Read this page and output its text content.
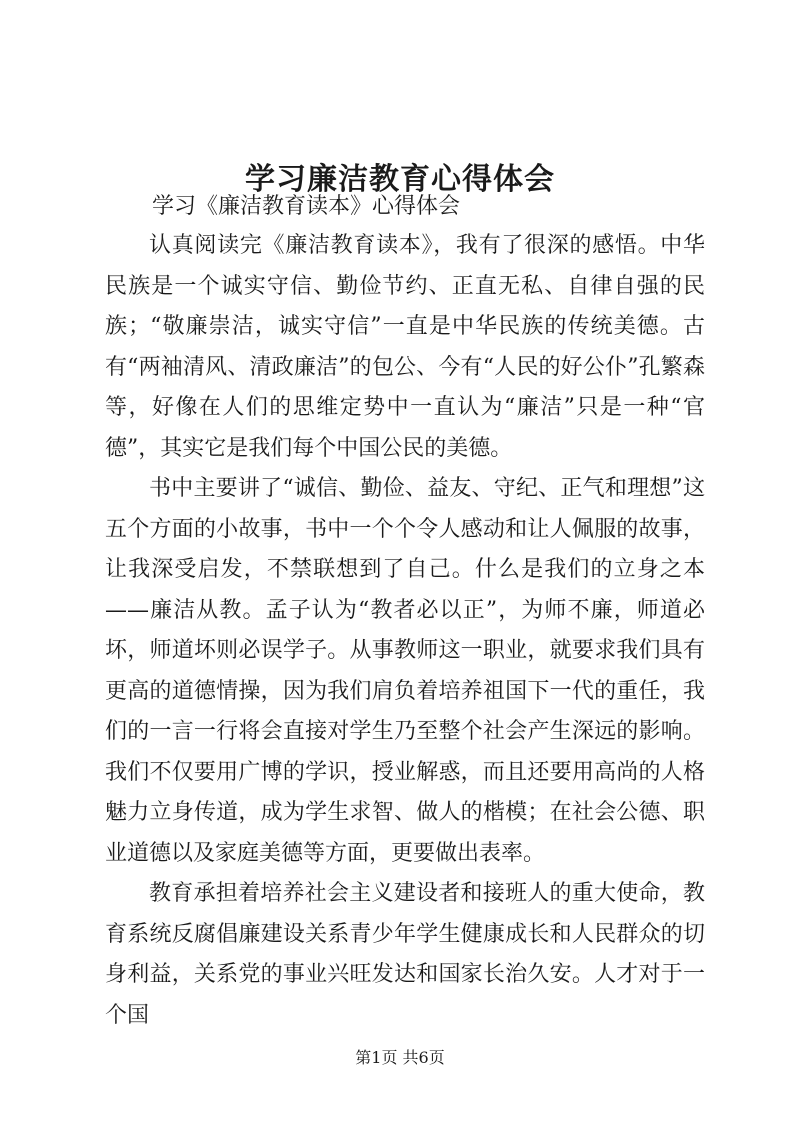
学习廉洁教育心得体会
学习《廉洁教育读本》心得体会

认真阅读完《廉洁教育读本》，我有了很深的感悟。中华民族是一个诚实守信、勤俭节约、正直无私、自律自强的民族；“敬廉崇洁，诚实守信”一直是中华民族的传统美德。古有“两袖清风、清政廉洁”的包公、今有“人民的好公仆”孔繁森等，好像在人们的思维定势中一直认为“廉洁”只是一种“官德”，其实它是我们每个中国公民的美德。

书中主要讲了“诚信、勤俭、益友、守纪、正气和理想”这五个方面的小故事，书中一个个令人感动和让人佩服的故事，让我深受启发，不禁联想到了自己。什么是我们的立身之本——廉洁从教。孟子认为“教者必以正”，为师不廉，师道必坏，师道坏则必误学子。从事教师这一职业，就要求我们具有更高的道德情操，因为我们肩负着培养祖国下一代的重任，我们的一言一行将会直接对学生乃至整个社会产生深远的影响。我们不仅要用广博的学识，授业解惑，而且还要用高尚的人格魅力立身传道，成为学生求智、做人的楷模；在社会公德、职业道德以及家庭美德等方面，更要做出表率。

教育承担着培养社会主义建设者和接班人的重大使命，教育系统反腐倡廉建设关系青少年学生健康成长和人民群众的切身利益，关系党的事业兴旺发达和国家长治久安。人才对于一个国

第1页 共6页
